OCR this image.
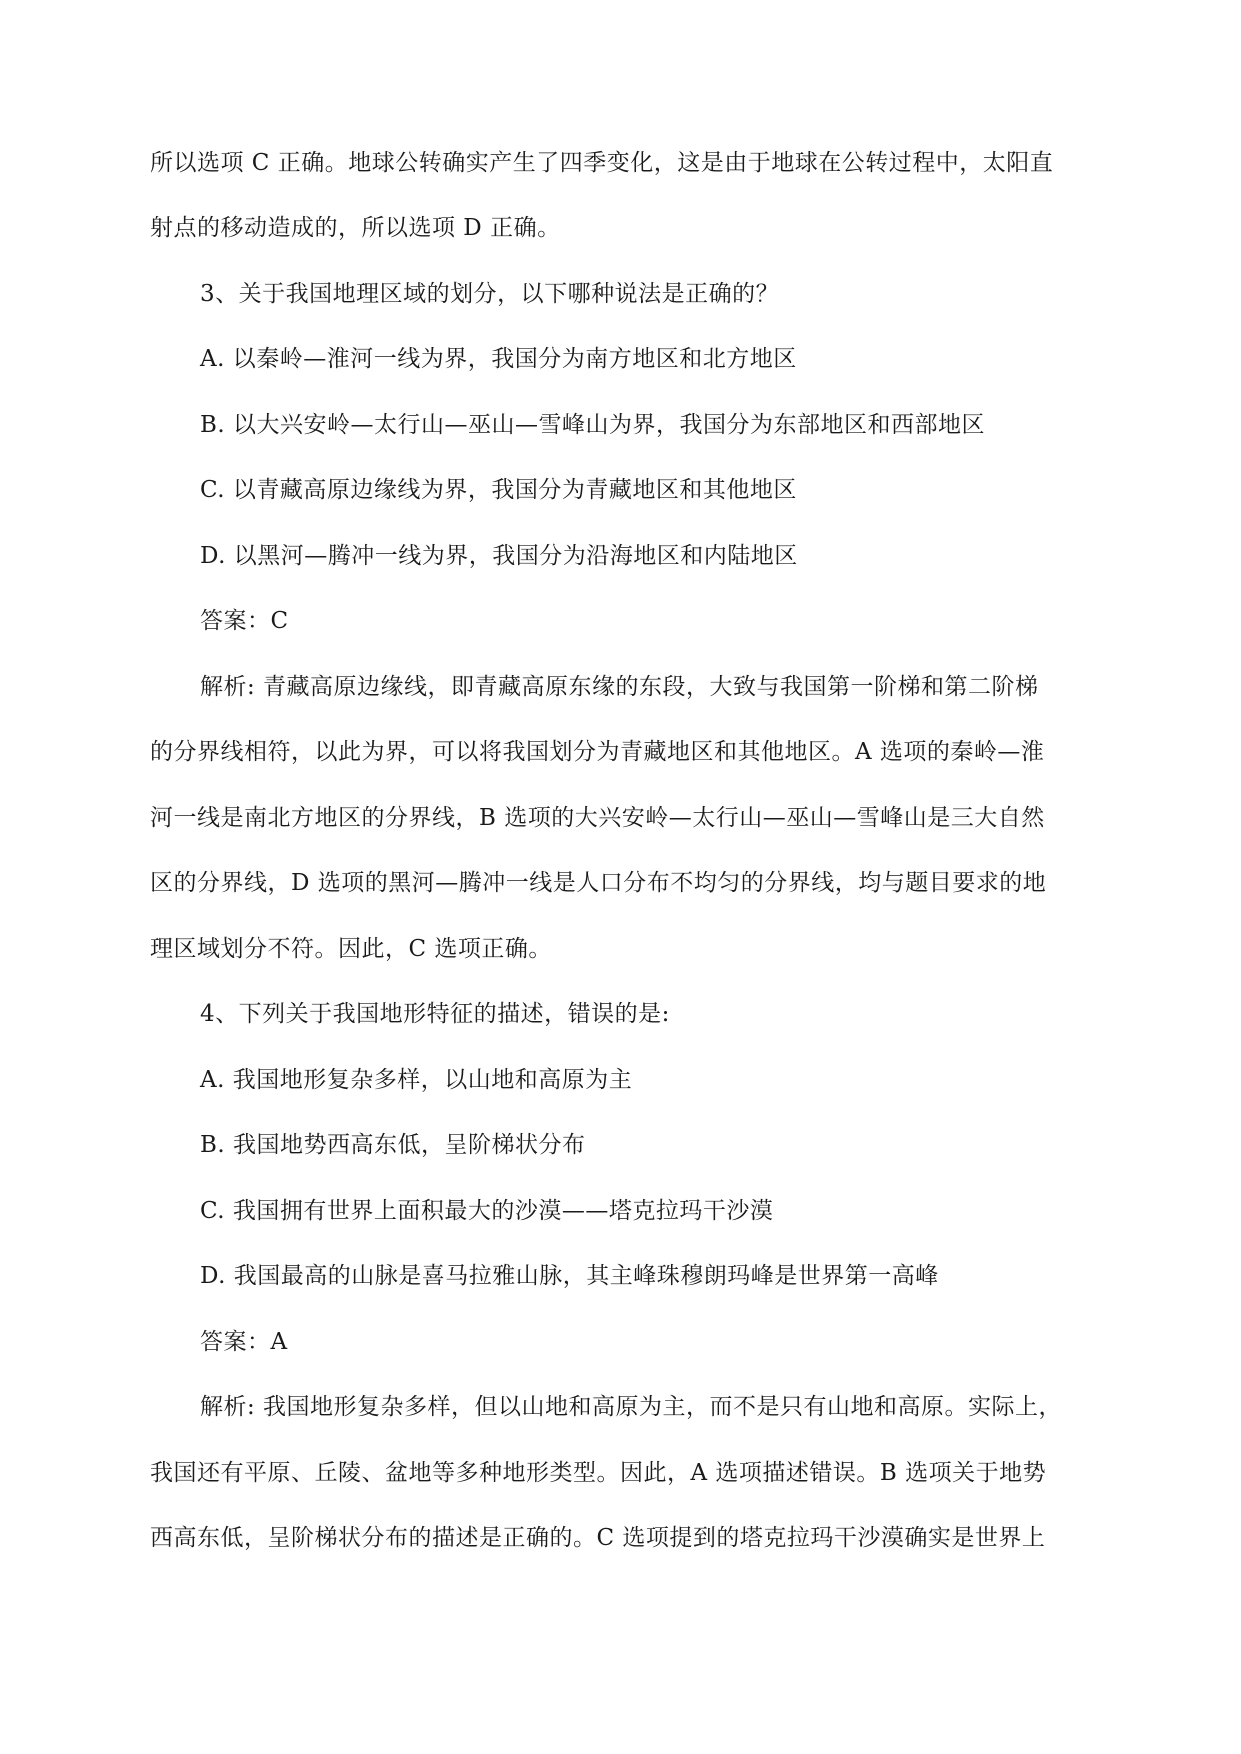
所以选项 C 正确。地球公转确实产生了四季变化，这是由于地球在公转过程中，太阳直
射点的移动造成的，所以选项 D 正确。
3、关于我国地理区域的划分，以下哪种说法是正确的？
A. 以秦岭—淮河一线为界，我国分为南方地区和北方地区
B. 以大兴安岭—太行山—巫山—雪峰山为界，我国分为东部地区和西部地区
C. 以青藏高原边缘线为界，我国分为青藏地区和其他地区
D. 以黑河—腾冲一线为界，我国分为沿海地区和内陆地区
答案：C
解析: 青藏高原边缘线，即青藏高原东缘的东段，大致与我国第一阶梯和第二阶梯
的分界线相符，以此为界，可以将我国划分为青藏地区和其他地区。A 选项的秦岭—淮
河一线是南北方地区的分界线，B 选项的大兴安岭—太行山—巫山—雪峰山是三大自然
区的分界线，D 选项的黑河—腾冲一线是人口分布不均匀的分界线，均与题目要求的地
理区域划分不符。因此，C 选项正确。
4、下列关于我国地形特征的描述，错误的是:
A. 我国地形复杂多样，以山地和高原为主
B. 我国地势西高东低，呈阶梯状分布
C. 我国拥有世界上面积最大的沙漠——塔克拉玛干沙漠
D. 我国最高的山脉是喜马拉雅山脉，其主峰珠穆朗玛峰是世界第一高峰
答案：A
解析: 我国地形复杂多样，但以山地和高原为主，而不是只有山地和高原。实际上，
我国还有平原、丘陵、盆地等多种地形类型。因此，A 选项描述错误。B 选项关于地势
西高东低，呈阶梯状分布的描述是正确的。C 选项提到的塔克拉玛干沙漠确实是世界上
